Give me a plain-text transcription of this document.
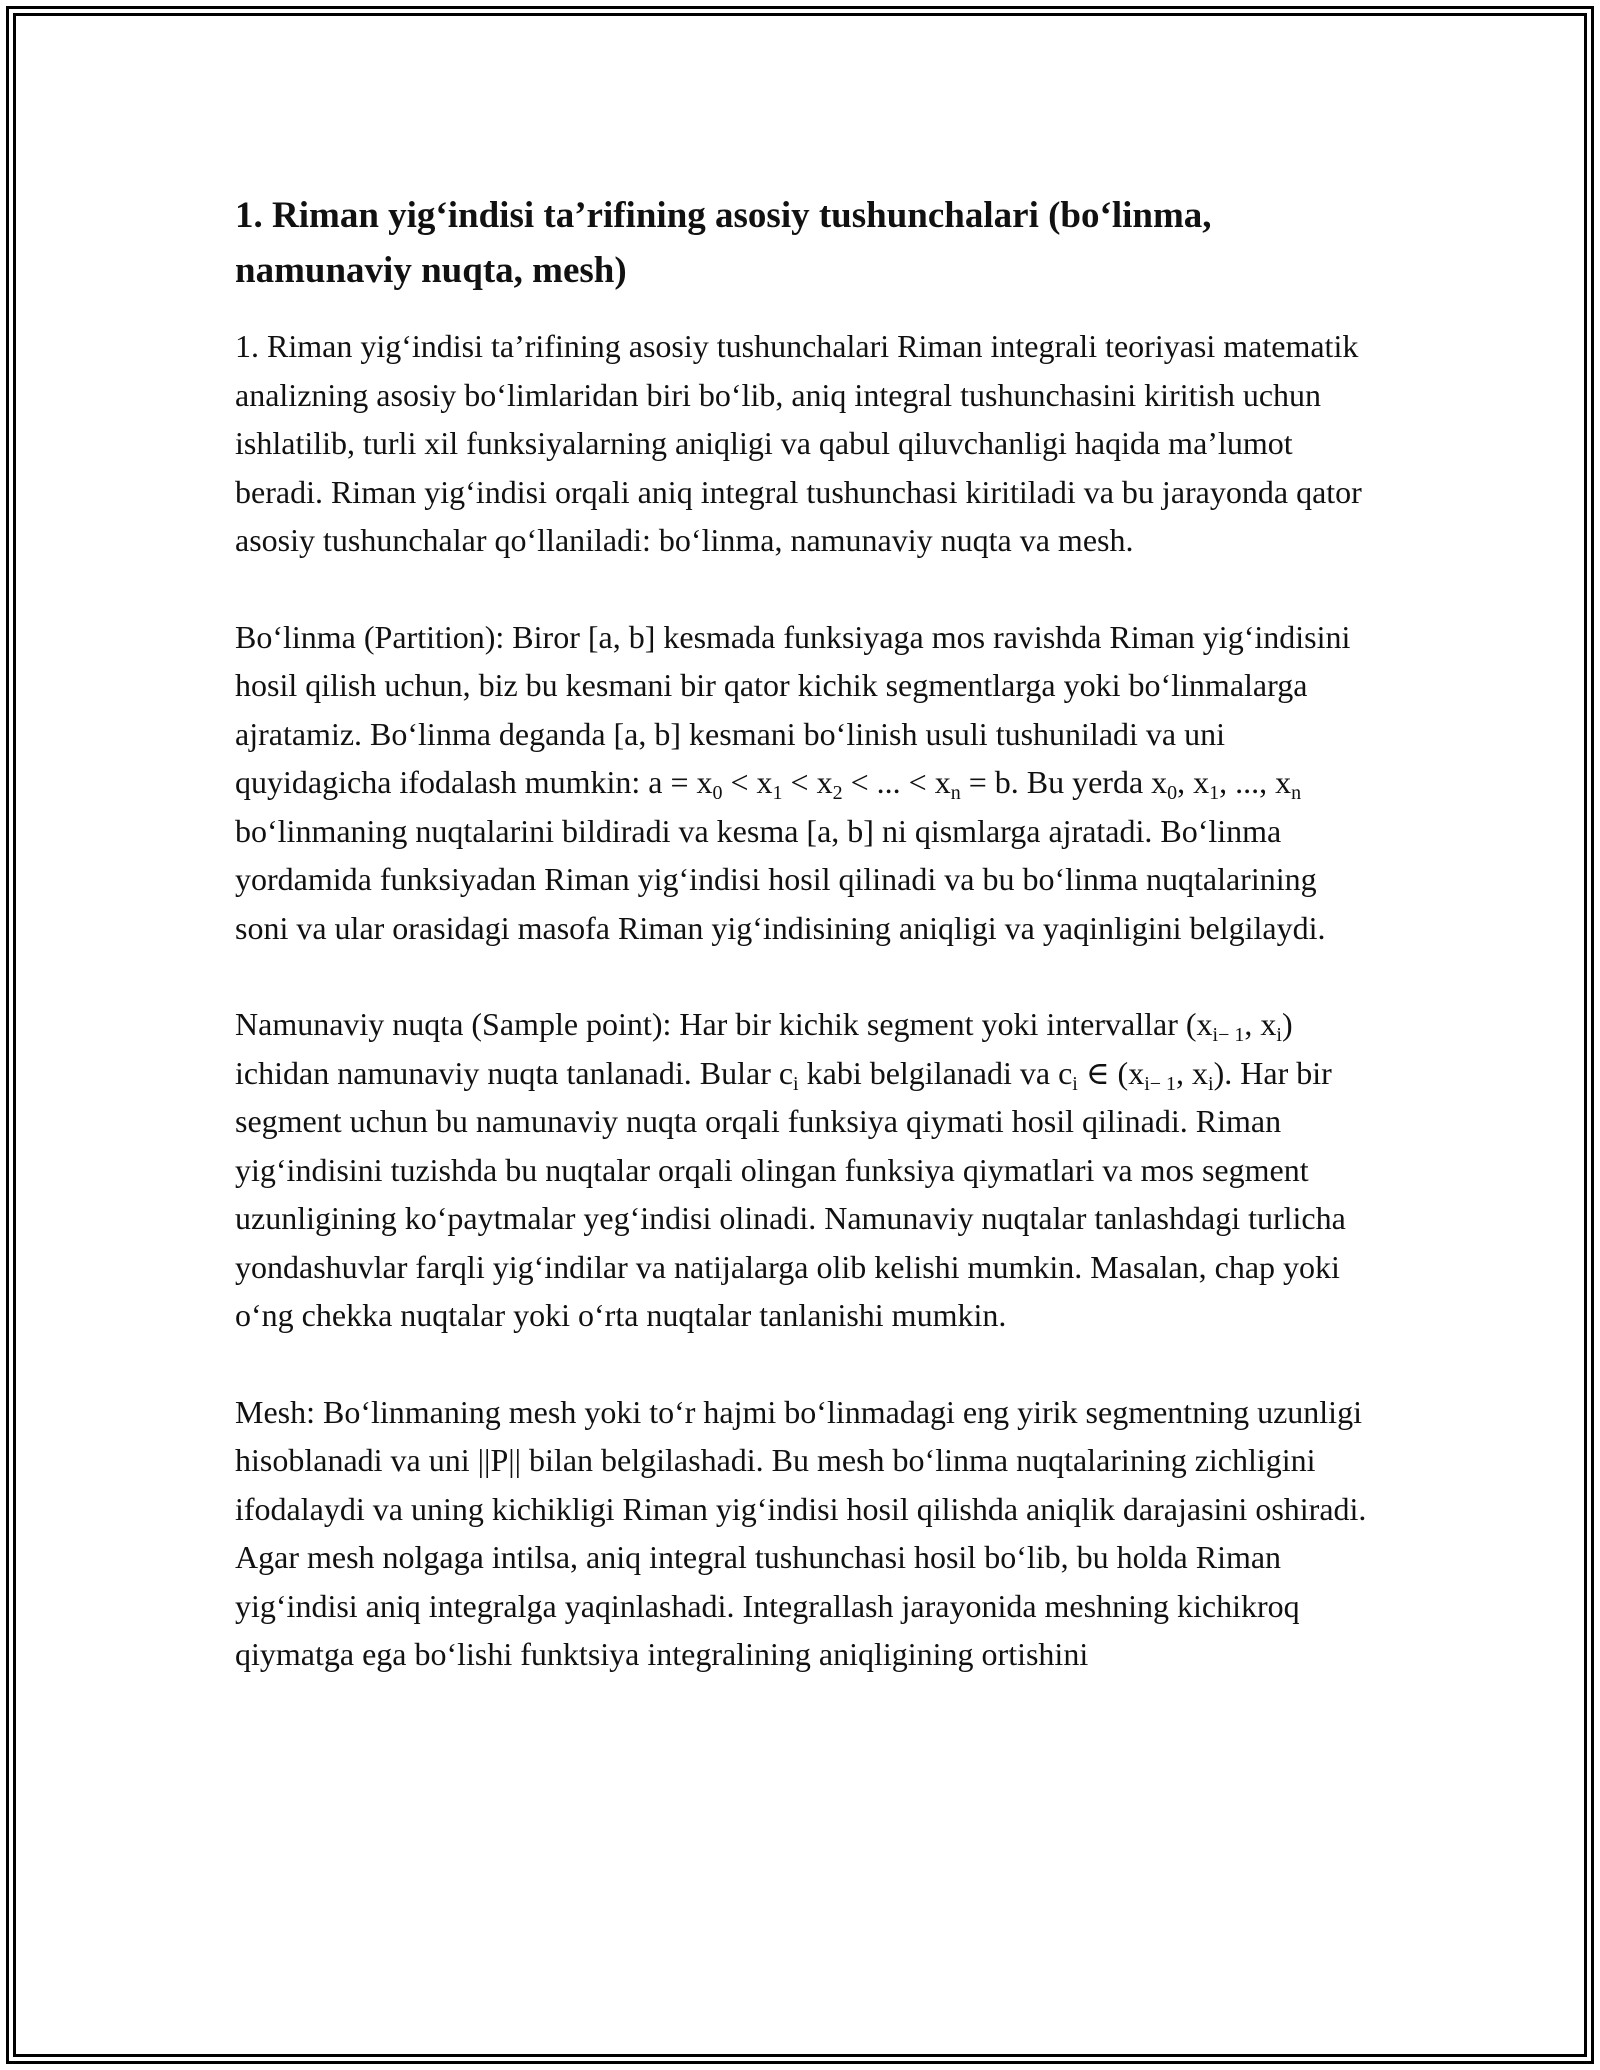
1. Riman yig‘indisi ta’rifining asosiy tushunchalari (bo‘linma, namunaviy nuqta, mesh)

1. Riman yig‘indisi ta’rifining asosiy tushunchalari Riman integrali teoriyasi matematik analizning asosiy bo‘limlaridan biri bo‘lib, aniq integral tushunchasini kiritish uchun ishlatilib, turli xil funksiyalarning aniqligi va qabul qiluvchanligi haqida ma’lumot beradi. Riman yig‘indisi orqali aniq integral tushunchasi kiritiladi va bu jarayonda qator asosiy tushunchalar qo‘llaniladi: bo‘linma, namunaviy nuqta va mesh.

Bo‘linma (Partition): Biror [a, b] kesmada funksiyaga mos ravishda Riman yig‘indisini hosil qilish uchun, biz bu kesmani bir qator kichik segmentlarga yoki bo‘linmalarga ajratamiz. Bo‘linma deganda [a, b] kesmani bo‘linish usuli tushuniladi va uni quyidagicha ifodalash mumkin: $a = x_0 < x_1 < x_2$ < ... < $x_n = b$. Bu yerda $x_0$, $x_1$, ..., $x_n$ bo‘linmaning nuqtalarini bildiradi va kesma [a, b] ni qismlarga ajratadi. Bo‘linma yordamida funksiyadan Riman yig‘indisi hosil qilinadi va bu bo‘linma nuqtalarining soni va ular orasidagi masofa Riman yig‘indisining aniqligi va yaqinligini belgilaydi.

Namunaviy nuqta (Sample point): Har bir kichik segment yoki intervallar ($x_{i- 1}$, $x_i$) ichidan namunaviy nuqta tanlanadi. Bular $c_i$ kabi belgilanadi va $c_i$ ∈ ($x_{i- 1}$, $x_i$). Har bir segment uchun bu namunaviy nuqta orqali funksiya qiymati hosil qilinadi. Riman yig‘indisini tuzishda bu nuqtalar orqali olingan funksiya qiymatlari va mos segment uzunligining ko‘paytmalar yeg‘indisi olinadi. Namunaviy nuqtalar tanlashdagi turlicha yondashuvlar farqli yig‘indilar va natijalarga olib kelishi mumkin. Masalan, chap yoki o‘ng chekka nuqtalar yoki o‘rta nuqtalar tanlanishi mumkin.

Mesh: Bo‘linmaning mesh yoki to‘r hajmi bo‘linmadagi eng yirik segmentning uzunligi hisoblanadi va uni ||P|| bilan belgilashadi. Bu mesh bo‘linma nuqtalarining zichligini ifodalaydi va uning kichikligi Riman yig‘indisi hosil qilishda aniqlik darajasini oshiradi. Agar mesh nolgaga intilsa, aniq integral tushunchasi hosil bo‘lib, bu holda Riman yig‘indisi aniq integralga yaqinlashadi. Integrallash jarayonida meshning kichikroq qiymatga ega bo‘lishi funktsiya integralining aniqligining ortishini
